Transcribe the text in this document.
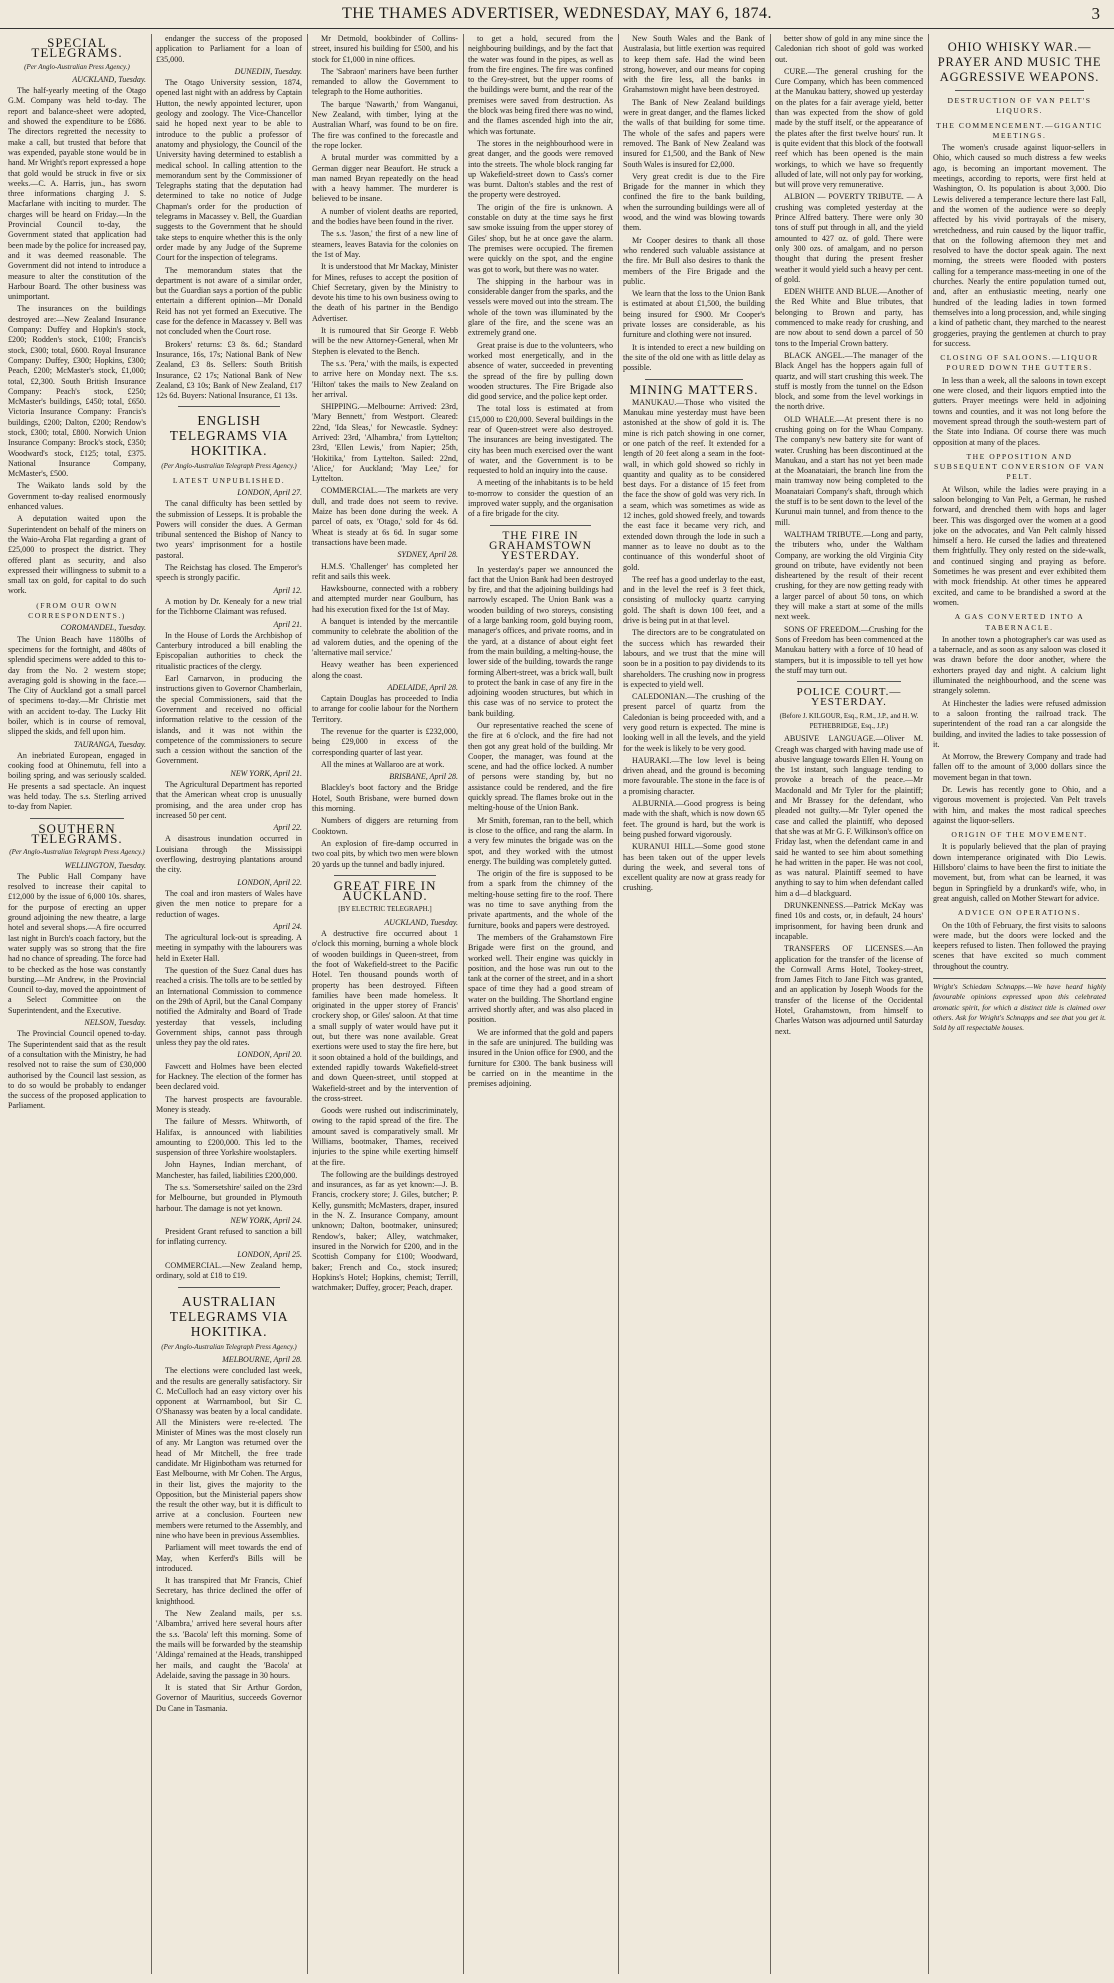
THE THAMES ADVERTISER, WEDNESDAY, MAY 6, 1874.	3
SPECIAL TELEGRAMS.
(Per Anglo-Australian Press Agency.)
AUCKLAND, Tuesday.

The half-yearly meeting of the Otago G.M. Company was held to-day. The report and balance-sheet were adopted, and showed the expenditure to be £686. The directors regretted the necessity to make a call, but trusted that before that was expended, payable stone would be in hand. Mr Wright's report expressed a hope that gold would be struck in five or six weeks.—C. A. Harris, jun., has sworn three informations charging J. S. Macfarlane with inciting to murder. The charges will be heard on Friday.—In the Provincial Council to-day, the Government stated that application had been made by the police for increased pay, and it was deemed reasonable. The Government did not intend to introduce a measure to alter the constitution of the Harbour Board. The other business was unimportant.

The insurances on the buildings destroyed are:—New Zealand Insurance Company: Duffey and Hopkin's stock, £200; Rodden's stock, £100; Francis's stock, £300; total, £600. Royal Insurance Company: Duffey, £300; Hopkins, £300; Peach, £200; McMaster's stock, £1,000; total, £2,300. South British Insurance Company: Peach's stock, £250; McMaster's buildings, £450; total, £650. Victoria Insurance Company: Francis's buildings, £200; Dalton, £200; Rendow's stock, £300; total, £800. Norwich Union Insurance Company: Brock's stock, £350; Woodward's stock, £125; total, £375. National Insurance Company, McMaster's, £500.

The Waikato lands sold by the Government to-day realised enormously enhanced values.

A deputation waited upon the Superintendent on behalf of the miners on the Waio-Aroha Flat regarding a grant of £25,000 to prospect the district. They offered plant as security, and also expressed their willingness to submit to a small tax on gold, for capital to do such work.

(FROM OUR OWN CORRESPONDENTS.)
COROMANDEL, Tuesday.

The Union Beach have 1180lbs of specimens for the fortnight, and 480ts of splendid specimens were added to this to-day from the No. 2 western stope; averaging gold is showing in the face.—The City of Auckland got a small parcel of specimens to-day.—Mr Christie met with an accident to-day. The Lucky Hit boiler, which is in course of removal, slipped the skids, and fell upon him.

TAURANGA, Tuesday.

An inebriated European, engaged in cooking food at Ohinemutu, fell into a boiling spring, and was seriously scalded. He presents a sad spectacle. An inquest was held today. The s.s. Sterling arrived to-day from Napier.

SOUTHERN TELEGRAMS.
(Per Anglo-Australian Telegraph Press Agency.)
WELLINGTON, Tuesday.

The Public Hall Company have resolved to increase their capital to £12,000 by the issue of 6,000 10s. shares, for the purpose of erecting an upper ground adjoining the new theatre, a large hotel and several shops.—A fire occurred last night in Burch's coach factory, but the water supply was so strong that the fire had no chance of spreading. The force had to be checked as the hose was constantly bursting.—Mr Andrew, in the Provincial Council to-day, moved the appointment of a Select Committee on the Superintendent, and the Executive.

NELSON, Tuesday.

The Provincial Council opened to-day. The Superintendent said that as the result of a consultation with the Ministry, he had resolved not to raise the sum of £30,000 authorised by the Council last session, as to do so would be probably to endanger the success of the proposed application to Parliament.

endanger the success of the proposed application to Parliament for a loan of £35,000.

DUNEDIN, Tuesday.

The Otago University session, 1874, opened last night with an address by Captain Hutton, the newly appointed lecturer, upon geology and zoology. The Vice-Chancellor said he hoped next year to be able to introduce to the public a professor of anatomy and physiology, the Council of the University having determined to establish a medical school. In calling attention to the memorandum sent by the Commissioner of Telegraphs stating that the deputation had determined to take no notice of Judge Chapman's order for the production of telegrams in Macassey v. Bell, the Guardian suggests to the Government that he should take steps to enquire whether this is the only order made by any Judge of the Supreme Court for the inspection of telegrams.

The memorandum states that the department is not aware of a similar order, but the Guardian says a portion of the public entertain a different opinion—Mr Donald Reid has not yet formed an Executive. The case for the defence in Macassey v. Bell was not concluded when the Court rose.

Brokers' returns: £3 8s. 6d.; Standard Insurance, 16s, 17s; National Bank of New Zealand, £3 8s. Sellers: South British Insurance, £2 17s; National Bank of New Zealand, £3 10s; Bank of New Zealand, £17 12s 6d. Buyers: National Insurance, £1 13s.

ENGLISH TELEGRAMS VIA HOKITIKA.
(Per Anglo-Australian Telegraph Press Agency.)
LATEST UNPUBLISHED.
LONDON, April 27.

The canal difficulty has been settled by the submission of Lesseps. It is probable the Powers will consider the dues. A German tribunal sentenced the Bishop of Nancy to two years' imprisonment for a hostile pastoral.

The Reichstag has closed. The Emperor's speech is strongly pacific.

April 12.

A motion by Dr. Kenealy for a new trial for the Tichborne Claimant was refused.

April 21.

In the House of Lords the Archbishop of Canterbury introduced a bill enabling the Episcopalian authorities to check the ritualistic practices of the clergy.

Earl Carnarvon, in producing the instructions given to Governor Chamberlain, the special Commissioners, said that the Government and received no official information relative to the cession of the islands, and it was not within the competence of the commissioners to secure such a cession without the sanction of the Government.

NEW YORK, April 21.

The Agricultural Department has reported that the American wheat crop is unusually promising, and the area under crop has increased 50 per cent.

April 22.

A disastrous inundation occurred in Louisiana through the Mississippi overflowing, destroying plantations around the city.

LONDON, April 22.

The coal and iron masters of Wales have given the men notice to prepare for a reduction of wages.

April 24.

The agricultural lock-out is spreading. A meeting in sympathy with the labourers was held in Exeter Hall.

The question of the Suez Canal dues has reached a crisis. The tolls are to be settled by an International Commission to commence on the 29th of April, but the Canal Company notified the Admiralty and Board of Trade yesterday that vessels, including Government ships, cannot pass through unless they pay the old rates.

LONDON, April 20.

Fawcett and Holmes have been elected for Hackney. The election of the former has been declared void.

The harvest prospects are favourable. Money is steady.

The failure of Messrs. Whitworth, of Halifax, is announced with liabilities amounting to £200,000. This led to the suspension of three Yorkshire woolstaplers.

John Haynes, Indian merchant, of Manchester, has failed, liabilities £200,000.

The s.s. 'Somersetshire' sailed on the 23rd for Melbourne, but grounded in Plymouth harbour. The damage is not yet known.

NEW YORK, April 24.

President Grant refused to sanction a bill for inflating currency.

LONDON, April 25.

COMMERCIAL.—New Zealand hemp, ordinary, sold at £18 to £19.

AUSTRALIAN TELEGRAMS VIA HOKITIKA.
(Per Anglo-Australian Telegraph Press Agency.)
MELBOURNE, April 28.

The elections were concluded last week, and the results are generally satisfactory. Sir C. McCulloch had an easy victory over his opponent at Warrnambool, but Sir C. O'Shanassy was beaten by a local candidate. All the Ministers were re-elected. The Minister of Mines was the most closely run of any. Mr Langton was returned over the head of Mr Mitchell, the free trade candidate. Mr Higinbotham was returned for East Melbourne, with Mr Cohen. The Argus, in their list, gives the majority to the Opposition, but the Ministerial papers show the result the other way, but it is difficult to arrive at a conclusion. Fourteen new members were returned to the Assembly, and nine who have been in previous Assemblies.

Parliament will meet towards the end of May, when Kerferd's Bills will be introduced.

It has transpired that Mr Francis, Chief Secretary, has thrice declined the offer of knighthood.

The New Zealand mails, per s.s. 'Albambra,' arrived here several hours after the s.s. 'Bacola' left this morning. Some of the mails will be forwarded by the steamship 'Aldinga' remained at the Heads, transhipped her mails, and caught the 'Bacola' at Adelaide, saving the passage in 30 hours.

It is stated that Sir Arthur Gordon, Governor of Mauritius, succeeds Governor Du Cane in Tasmania.

Mr Detmold, bookbinder of Collins-street, insured his building for £500, and his stock for £1,000 in nine offices.

The 'Sabraon' mariners have been further remanded to allow the Government to telegraph to the Home authorities.

The barque 'Nawarth,' from Wanganui, New Zealand, with timber, lying at the Australian Wharf, was found to be on fire. The fire was confined to the forecastle and the rope locker.

A brutal murder was committed by a German digger near Beaufort. He struck a man named Bryan repeatedly on the head with a heavy hammer. The murderer is believed to be insane.

A number of violent deaths are reported, and the bodies have been found in the river.

The s.s. 'Jason,' the first of a new line of steamers, leaves Batavia for the colonies on the 1st of May.

It is understood that Mr Mackay, Minister for Mines, refuses to accept the position of Chief Secretary, given by the Ministry to devote his time to his own business owing to the death of his partner in the Bendigo Advertiser.

It is rumoured that Sir George F. Webb will be the new Attorney-General, when Mr Stephen is elevated to the Bench.

The s.s. 'Pera,' with the mails, is expected to arrive here on Monday next. The s.s. 'Hilton' takes the mails to New Zealand on her arrival.

SHIPPING.—Melbourne: Arrived: 23rd, 'Mary Bennett,' from Westport. Cleared: 22nd, 'Ida Sleas,' for Newcastle. Sydney: Arrived: 23rd, 'Alhambra,' from Lyttelton; 23rd, 'Ellen Lewis,' from Napier; 25th, 'Hokitika,' from Lyttelton. Sailed: 22nd, 'Alice,' for Auckland; 'May Lee,' for Lyttelton.

COMMERCIAL.—The markets are very dull, and trade does not seem to revive. Maize has been done during the week. A parcel of oats, ex 'Otago,' sold for 4s 6d. Wheat is steady at 6s 6d. In sugar some transactions have been made.

SYDNEY, April 28.

H.M.S. 'Challenger' has completed her refit and sails this week.

Hawksbourne, connected with a robbery and attempted murder near Goulburn, has had his execution fixed for the 1st of May.

A banquet is intended by the mercantile community to celebrate the abolition of the ad valorem duties, and the opening of the 'alternative mail service.'

Heavy weather has been experienced along the coast.

ADELAIDE, April 28.

Captain Douglas has proceeded to India to arrange for coolie labour for the Northern Territory.

The revenue for the quarter is £232,000, being £29,000 in excess of the corresponding quarter of last year.

All the mines at Wallaroo are at work.

BRISBANE, April 28.

Blackley's boot factory and the Bridge Hotel, South Brisbane, were burned down this morning.

Numbers of diggers are returning from Cooktown.

An explosion of fire-damp occurred in two coal pits, by which two men were blown 20 yards up the tunnel and badly injured.

GREAT FIRE IN AUCKLAND.
[BY ELECTRIC TELEGRAPH.]
AUCKLAND, Tuesday.

A destructive fire occurred about 1 o'clock this morning, burning a whole block of wooden buildings in Queen-street, from the foot of Wakefield-street to the Pacific Hotel. Ten thousand pounds worth of property has been destroyed. Fifteen families have been made homeless. It originated in the upper storey of Francis' crockery shop, or Giles' saloon. At that time a small supply of water would have put it out, but there was none available. Great exertions were used to stay the fire here, but it soon obtained a hold of the buildings, and extended rapidly towards Wakefield-street and down Queen-street, until stopped at Wakefield-street and by the intervention of the cross-street.

Goods were rushed out indiscriminately, owing to the rapid spread of the fire. The amount saved is comparatively small. Mr Williams, bootmaker, Thames, received injuries to the spine while exerting himself at the fire.

The following are the buildings destroyed and insurances, as far as yet known:—J. B. Francis, crockery store; J. Giles, butcher; P. Kelly, gunsmith; McMasters, draper, insured in the N. Z. Insurance Company, amount unknown; Dalton, bootmaker, uninsured; Rendow's, baker; Alley, watchmaker, insured in the Norwich for £200, and in the Scottish Company for £100; Woodward, baker; French and Co., stock insured; Hopkins's Hotel; Hopkins, chemist; Terrill, watchmaker; Duffey, grocer; Peach, draper.

to get a hold, secured from the neighbouring buildings, and by the fact that the water was found in the pipes, as well as from the fire engines. The fire was confined to the Grey-street, but the upper rooms of the buildings were burnt, and the rear of the premises were saved from destruction. As the block was being fired there was no wind, and the flames ascended high into the air, which was fortunate.

The stores in the neighbourhood were in great danger, and the goods were removed into the streets. The whole block ranging far up Wakefield-street down to Cass's corner was burnt. Dalton's stables and the rest of the property were destroyed.

The origin of the fire is unknown. A constable on duty at the time says he first saw smoke issuing from the upper storey of Giles' shop, but he at once gave the alarm. The premises were occupied. The firemen were quickly on the spot, and the engine was got to work, but there was no water.

The shipping in the harbour was in considerable danger from the sparks, and the vessels were moved out into the stream. The whole of the town was illuminated by the glare of the fire, and the scene was an extremely grand one.

Great praise is due to the volunteers, who worked most energetically, and in the absence of water, succeeded in preventing the spread of the fire by pulling down wooden structures. The Fire Brigade also did good service, and the police kept order.

The total loss is estimated at from £15,000 to £20,000. Several buildings in the rear of Queen-street were also destroyed. The insurances are being investigated. The city has been much exercised over the want of water, and the Government is to be requested to hold an inquiry into the cause.

A meeting of the inhabitants is to be held to-morrow to consider the question of an improved water supply, and the organisation of a fire brigade for the city.

THE FIRE IN GRAHAMSTOWN YESTERDAY.

In yesterday's paper we announced the fact that the Union Bank had been destroyed by fire, and that the adjoining buildings had narrowly escaped. The Union Bank was a wooden building of two storeys, consisting of a large banking room, gold buying room, manager's offices, and private rooms, and in the yard, at a distance of about eight feet from the main building, a melting-house, the lower side of the building, towards the range forming Albert-street, was a brick wall, built to protect the bank in case of any fire in the adjoining wooden structures, but which in this case was of no service to protect the bank building.

Our representative reached the scene of the fire at 6 o'clock, and the fire had not then got any great hold of the building. Mr Cooper, the manager, was found at the scene, and had the office locked. A number of persons were standing by, but no assistance could be rendered, and the fire quickly spread. The flames broke out in the melting-house of the Union Bank.

Mr Smith, foreman, ran to the bell, which is close to the office, and rang the alarm. In a very few minutes the brigade was on the spot, and they worked with the utmost energy. The building was completely gutted.

The origin of the fire is supposed to be from a spark from the chimney of the melting-house setting fire to the roof. There was no time to save anything from the private apartments, and the whole of the furniture, books and papers were destroyed.

The members of the Grahamstown Fire Brigade were first on the ground, and worked well. Their engine was quickly in position, and the hose was run out to the tank at the corner of the street, and in a short space of time they had a good stream of water on the building. The Shortland engine arrived shortly after, and was also placed in position.

We are informed that the gold and papers in the safe are uninjured. The building was insured in the Union office for £900, and the furniture for £300. The bank business will be carried on in the meantime in the premises adjoining.

New South Wales and the Bank of Australasia, but little exertion was required to keep them safe. Had the wind been strong, however, and our means for coping with the fire less, all the banks in Grahamstown might have been destroyed.

The Bank of New Zealand buildings were in great danger, and the flames licked the walls of that building for some time. The whole of the safes and papers were removed. The Bank of New Zealand was insured for £1,500, and the Bank of New South Wales is insured for £2,000.

Very great credit is due to the Fire Brigade for the manner in which they confined the fire to the bank building, when the surrounding buildings were all of wood, and the wind was blowing towards them.

Mr Cooper desires to thank all those who rendered such valuable assistance at the fire. Mr Bull also desires to thank the members of the Fire Brigade and the public.

We learn that the loss to the Union Bank is estimated at about £1,500, the building being insured for £900. Mr Cooper's private losses are considerable, as his furniture and clothing were not insured.

It is intended to erect a new building on the site of the old one with as little delay as possible.

MINING MATTERS.

MANUKAU.—Those who visited the Manukau mine yesterday must have been astonished at the show of gold it is. The mine is rich patch showing in one corner, or one patch of the reef. It extended for a length of 20 feet along a seam in the foot-wall, in which gold showed so richly in quantity and quality as to be considered best days. For a distance of 15 feet from the face the show of gold was very rich. In a seam, which was sometimes as wide as 12 inches, gold showed freely, and towards the east face it became very rich, and extended down through the lode in such a manner as to leave no doubt as to the continuance of this wonderful shoot of gold.

The reef has a good underlay to the east, and in the level the reef is 3 feet thick, consisting of mullocky quartz carrying gold. The shaft is down 100 feet, and a drive is being put in at that level.

The directors are to be congratulated on the success which has rewarded their labours, and we trust that the mine will soon be in a position to pay dividends to its shareholders. The crushing now in progress is expected to yield well.

CALEDONIAN.—The crushing of the present parcel of quartz from the Caledonian is being proceeded with, and a very good return is expected. The mine is looking well in all the levels, and the yield for the week is likely to be very good.

HAURAKI.—The low level is being driven ahead, and the ground is becoming more favourable. The stone in the face is of a promising character.

ALBURNIA.—Good progress is being made with the shaft, which is now down 65 feet. The ground is hard, but the work is being pushed forward vigorously.

KURANUI HILL.—Some good stone has been taken out of the upper levels during the week, and several tons of excellent quality are now at grass ready for crushing.

better show of gold in any mine since the Caledonian rich shoot of gold was worked out.

CURE.—The general crushing for the Cure Company, which has been commenced at the Manukau battery, showed up yesterday on the plates for a fair average yield, better than was expected from the show of gold made by the stuff itself, or the appearance of the plates after the first twelve hours' run. It is quite evident that this block of the footwall reef which has been opened is the main workings, to which we have so frequently alluded of late, will not only pay for working, but will prove very remunerative.

ALBION — POVERTY TRIBUTE. — A crushing was completed yesterday at the Prince Alfred battery. There were only 30 tons of stuff put through in all, and the yield amounted to 427 oz. of gold. There were only 300 ozs. of amalgam, and no person thought that during the present fresher weather it would yield such a heavy per cent. of gold.

EDEN WHITE AND BLUE.—Another of the Red White and Blue tributes, that belonging to Brown and party, has commenced to make ready for crushing, and are now about to send down a parcel of 50 tons to the Imperial Crown battery.

BLACK ANGEL.—The manager of the Black Angel has the hoppers again full of quartz, and will start crushing this week. The stuff is mostly from the tunnel on the Edson block, and some from the level workings in the north drive.

OLD WHALE.—At present there is no crushing going on for the Whau Company. The company's new battery site for want of water. Crushing has been discontinued at the Manukau, and a start has not yet been made at the Moanataiari, the branch line from the main tramway now being completed to the Moanataiari Company's shaft, through which the stuff is to be sent down to the level of the Kurunui main tunnel, and from thence to the mill.

WALTHAM TRIBUTE.—Long and party, the tributers who, under the Waltham Company, are working the old Virginia City ground on tribute, have evidently not been disheartened by the result of their recent crushing, for they are now getting ready with a larger parcel of about 50 tons, on which they will make a start at some of the mills next week.

SONS OF FREEDOM.—Crushing for the Sons of Freedom has been commenced at the Manukau battery with a force of 10 head of stampers, but it is impossible to tell yet how the stuff may turn out.

POLICE COURT.—YESTERDAY.
(Before J. KILGOUR, Esq., R.M., J.P., and H. W. PETHEBRIDGE, Esq., J.P.)

ABUSIVE LANGUAGE.—Oliver M. Creagh was charged with having made use of abusive language towards Ellen H. Young on the 1st instant, such language tending to provoke a breach of the peace.—Mr Macdonald and Mr Tyler for the plaintiff; and Mr Brassey for the defendant, who pleaded not guilty.—Mr Tyler opened the case and called the plaintiff, who deposed that she was at Mr G. F. Wilkinson's office on Friday last, when the defendant came in and said he wanted to see him about something he had written in the paper. He was not cool, as was natural. Plaintiff seemed to have anything to say to him when defendant called him a d—d blackguard.

DRUNKENNESS.—Patrick McKay was fined 10s and costs, or, in default, 24 hours' imprisonment, for having been drunk and incapable.

TRANSFERS OF LICENSES.—An application for the transfer of the license of the Cornwall Arms Hotel, Tookey-street, from James Fitch to Jane Fitch was granted, and an application by Joseph Woods for the transfer of the license of the Occidental Hotel, Grahamstown, from himself to Charles Watson was adjourned until Saturday next.

OHIO WHISKY WAR.—PRAYER AND MUSIC THE AGGRESSIVE WEAPONS.
DESTRUCTION OF VAN PELT'S LIQUORS.
THE COMMENCEMENT.—GIGANTIC MEETINGS.

The women's crusade against liquor-sellers in Ohio, which caused so much distress a few weeks ago, is becoming an important movement. The meetings, according to reports, were first held at Washington, O. Its population is about 3,000. Dio Lewis delivered a temperance lecture there last Fall, and the women of the audience were so deeply affected by his vivid portrayals of the misery, wretchedness, and ruin caused by the liquor traffic, that on the following afternoon they met and resolved to have the doctor speak again. The next morning, the streets were flooded with posters calling for a temperance mass-meeting in one of the churches. Nearly the entire population turned out, and, after an enthusiastic meeting, nearly one hundred of the leading ladies in town formed themselves into a long procession, and, while singing a kind of pathetic chant, they marched to the nearest groggeries, praying the gentlemen at church to pray for success.

CLOSING OF SALOONS.—LIQUOR POURED DOWN THE GUTTERS.

In less than a week, all the saloons in town except one were closed, and their liquors emptied into the gutters. Prayer meetings were held in adjoining towns and counties, and it was not long before the movement spread through the south-western part of the State into Indiana. Of course there was much opposition at many of the places.

THE OPPOSITION AND SUBSEQUENT CONVERSION OF VAN PELT.

At Wilson, while the ladies were praying in a saloon belonging to Van Pelt, a German, he rushed forward, and drenched them with hops and lager beer. This was disgorged over the women at a good joke on the advocates, and Van Pelt calmly hissed himself a hero. He cursed the ladies and threatened them frightfully. They only rested on the side-walk, and continued singing and praying as before. Sometimes he was present and ever exhibited them with mock friendship. At other times he appeared excited, and came to be brandished a sword at the women.

A GAS CONVERTED INTO A TABERNACLE.

In another town a photographer's car was used as a tabernacle, and as soon as any saloon was closed it was drawn before the door another, where the exhorters prayed day and night. A calcium light illuminated the neighbourhood, and the scene was strangely solemn.

At Hinchester the ladies were refused admission to a saloon fronting the railroad track. The superintendent of the road ran a car alongside the building, and invited the ladies to take possession of it.

At Morrow, the Brewery Company and trade had fallen off to the amount of 3,000 dollars since the movement began in that town.

Dr. Lewis has recently gone to Ohio, and a vigorous movement is projected. Van Pelt travels with him, and makes the most radical speeches against the liquor-sellers.

ORIGIN OF THE MOVEMENT.

It is popularly believed that the plan of praying down intemperance originated with Dio Lewis. Hillsboro' claims to have been the first to initiate the movement, but, from what can be learned, it was begun in Springfield by a drunkard's wife, who, in great anguish, called on Mother Stewart for advice.

ADVICE ON OPERATIONS.

On the 10th of February, the first visits to saloons were made, but the doors were locked and the keepers refused to listen. Then followed the praying scenes that have excited so much comment throughout the country.

Wright's Schiedam Schnapps.—We have heard highly favourable opinions expressed upon this celebrated aromatic spirit, for which a distinct title is claimed over others. Ask for Wright's Schnapps and see that you get it. Sold by all respectable houses.
